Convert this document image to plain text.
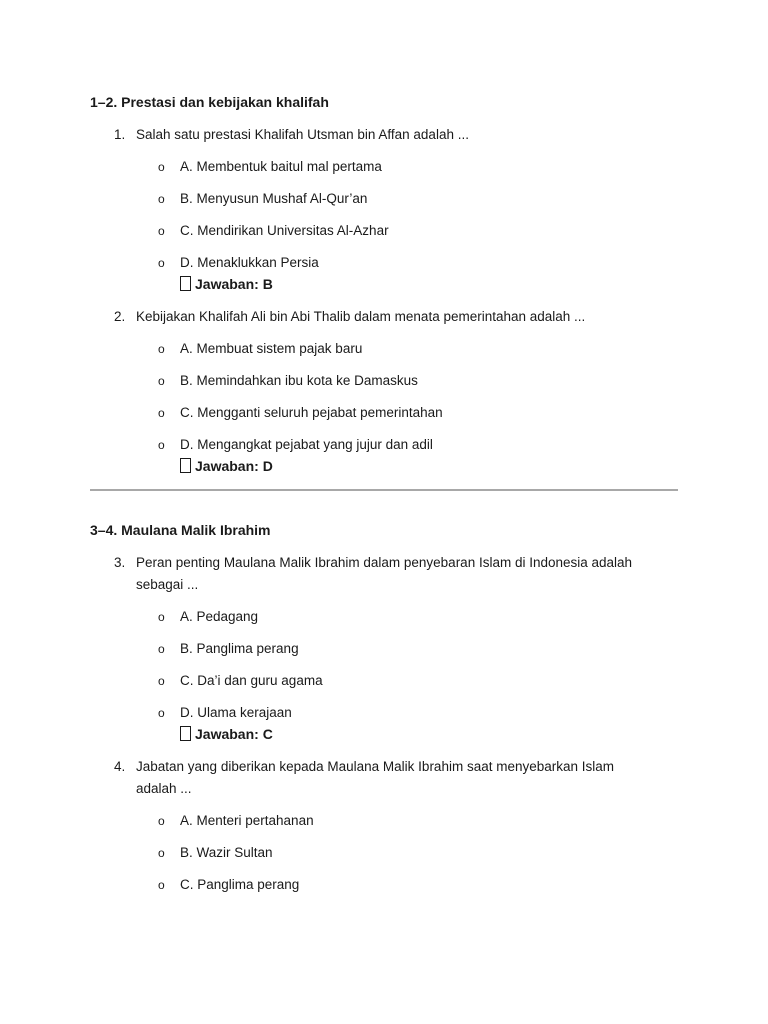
1–2. Prestasi dan kebijakan khalifah
1. Salah satu prestasi Khalifah Utsman bin Affan adalah ...
o A. Membentuk baitul mal pertama
o B. Menyusun Mushaf Al-Qur’an
o C. Mendirikan Universitas Al-Azhar
o D. Menaklukkan Persia
Jawaban: B
2. Kebijakan Khalifah Ali bin Abi Thalib dalam menata pemerintahan adalah ...
o A. Membuat sistem pajak baru
o B. Memindahkan ibu kota ke Damaskus
o C. Mengganti seluruh pejabat pemerintahan
o D. Mengangkat pejabat yang jujur dan adil
Jawaban: D
3–4. Maulana Malik Ibrahim
3. Peran penting Maulana Malik Ibrahim dalam penyebaran Islam di Indonesia adalah sebagai ...
o A. Pedagang
o B. Panglima perang
o C. Da’i dan guru agama
o D. Ulama kerajaan
Jawaban: C
4. Jabatan yang diberikan kepada Maulana Malik Ibrahim saat menyebarkan Islam adalah ...
o A. Menteri pertahanan
o B. Wazir Sultan
o C. Panglima perang
